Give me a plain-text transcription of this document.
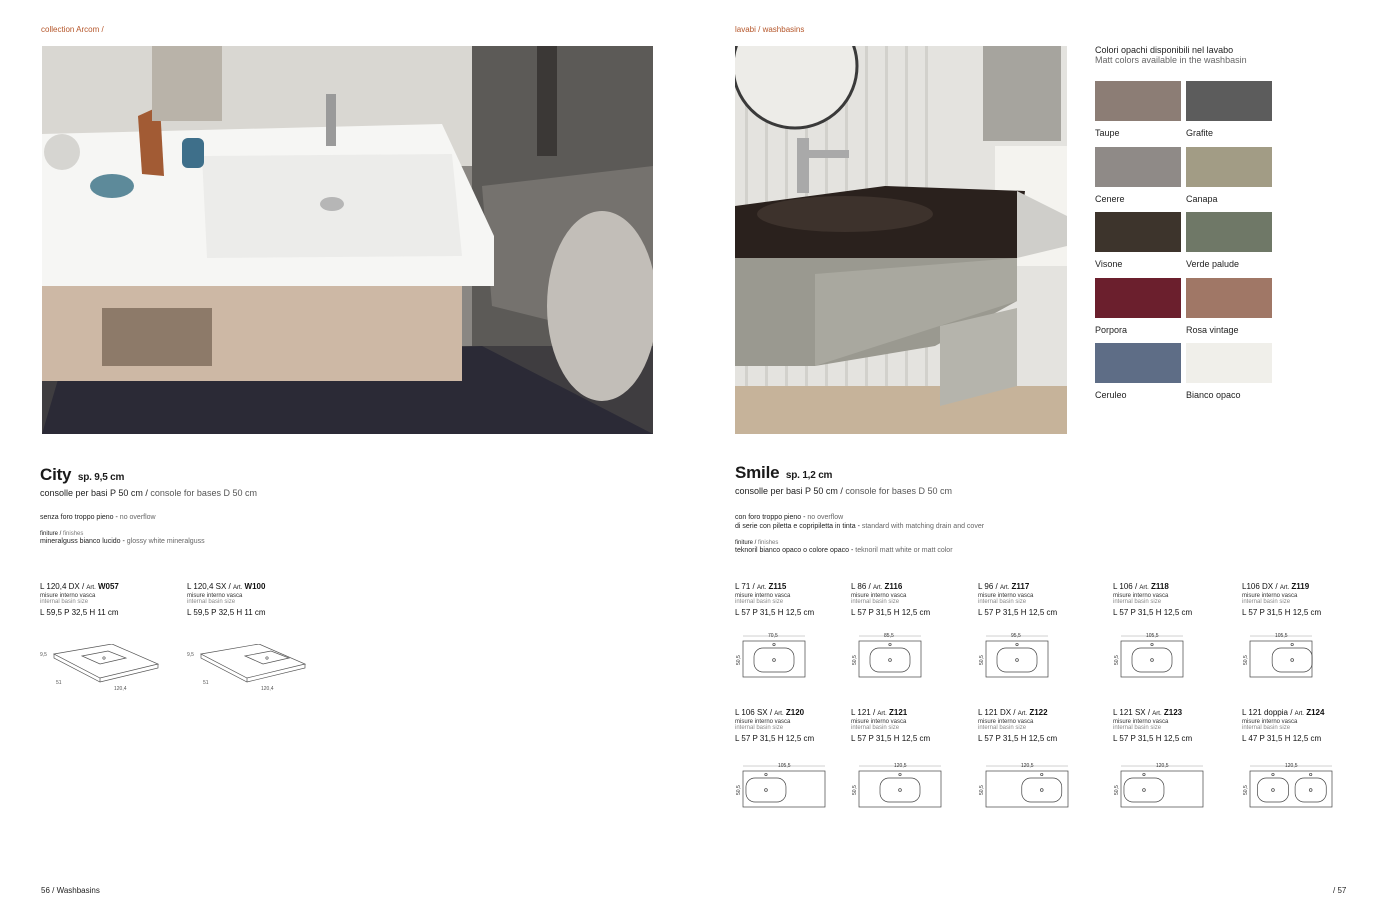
collection Arcom /
City sp. 9,5 cm
consolle per basi P 50 cm / console for bases D 50 cm
senza foro troppo pieno - no overflow
finiture / finishes
mineralguss bianco lucido - glossy white mineralguss
L 120,4 DX / Art. W057
misure interno vasca
internal basin size
L 59,5 P 32,5 H 11 cm
120,4
51
9,5
L 120,4 SX / Art. W100
misure interno vasca
internal basin size
L 59,5 P 32,5 H 11 cm
120,4
51
9,5
56 / Washbasins
lavabi / washbasins
Colori opachi disponibili nel lavabo
Matt colors available in the washbasin
Taupe	Grafite
Cenere	Canapa
Visone	Verde palude
Porpora	Rosa vintage
Ceruleo	Bianco opaco
Smile sp. 1,2 cm
consolle per basi P 50 cm / console for bases D 50 cm
con foro troppo pieno - no overflow
di serie con piletta e copripiletta in tinta - standard with matching drain and cover
finiture / finishes
teknoril bianco opaco o colore opaco - teknoril matt white or matt color
L 71 / Art. Z115
misure interno vasca
internal basin size
L 57 P 31,5 H 12,5 cm
70,5
50,5
L 86 / Art. Z116
misure interno vasca
internal basin size
L 57 P 31,5 H 12,5 cm
85,5
50,5
L 96 / Art. Z117
misure interno vasca
internal basin size
L 57 P 31,5 H 12,5 cm
95,5
50,5
L 106 / Art. Z118
misure interno vasca
internal basin size
L 57 P 31,5 H 12,5 cm
105,5
50,5
L106 DX / Art. Z119
misure interno vasca
internal basin size
L 57 P 31,5 H 12,5 cm
105,5
50,5
L 106 SX / Art. Z120
misure interno vasca
internal basin size
L 57 P 31,5 H 12,5 cm
105,5
50,5
L 121 / Art. Z121
misure interno vasca
internal basin size
L 57 P 31,5 H 12,5 cm
120,5
50,5
L 121 DX / Art. Z122
misure interno vasca
internal basin size
L 57 P 31,5 H 12,5 cm
120,5
50,5
L 121 SX / Art. Z123
misure interno vasca
internal basin size
L 57 P 31,5 H 12,5 cm
120,5
50,5
L 121 doppia / Art. Z124
misure interno vasca
internal basin size
L 47 P 31,5 H 12,5 cm
120,5
50,5
/ 57
